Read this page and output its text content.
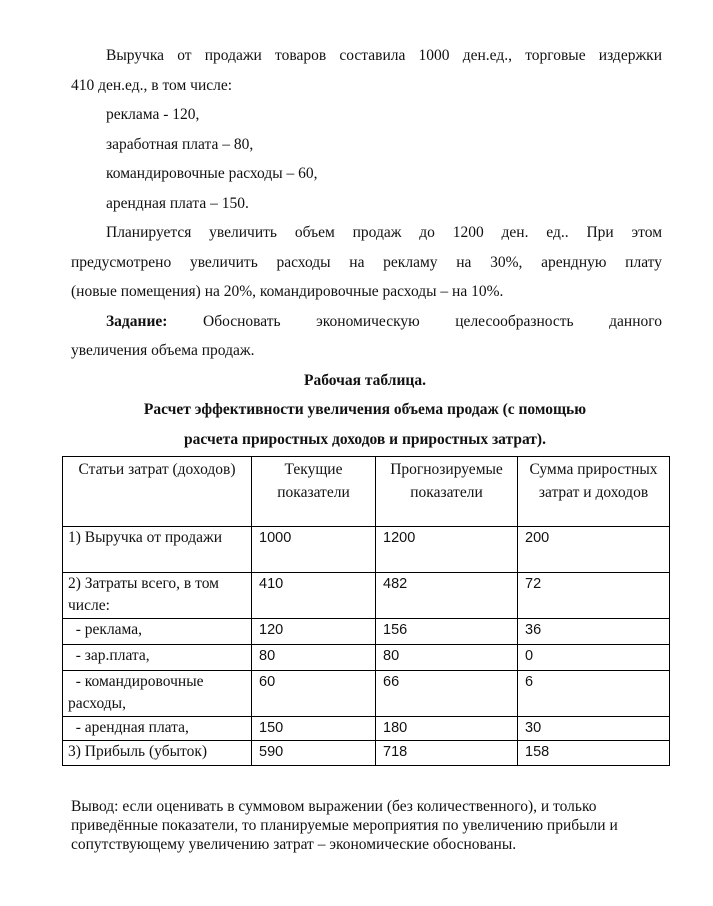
Выручка от продажи товаров составила 1000 ден.ед., торговые издержки
410 ден.ед., в том числе:
реклама - 120,
заработная плата – 80,
командировочные расходы – 60,
арендная плата – 150.
Планируется увеличить объем продаж до 1200 ден. ед.. При этом
предусмотрено увеличить расходы на рекламу на 30%, арендную плату
(новые помещения) на 20%, командировочные расходы – на 10%.
Задание: Обосновать экономическую целесообразность данного
увеличения объема продаж.
Рабочая таблица.
Расчет эффективности увеличения объема продаж (с помощью
расчета приростных доходов и приростных затрат).
Статьи затрат (доходов)	Текущие показатели	Прогнозируемые показатели	Сумма приростных затрат и доходов
1) Выручка от продажи	1000	1200	200
2) Затраты всего, в том числе:	410	482	72
- реклама,	120	156	36
- зар.плата,	80	80	0
- командировочные расходы,	60	66	6
- арендная плата,	150	180	30
3) Прибыль (убыток)	590	718	158
Вывод: если оценивать в суммовом выражении (без количественного), и только приведённые показатели, то планируемые мероприятия по увеличению прибыли и сопутствующему увеличению затрат – экономические обоснованы.
